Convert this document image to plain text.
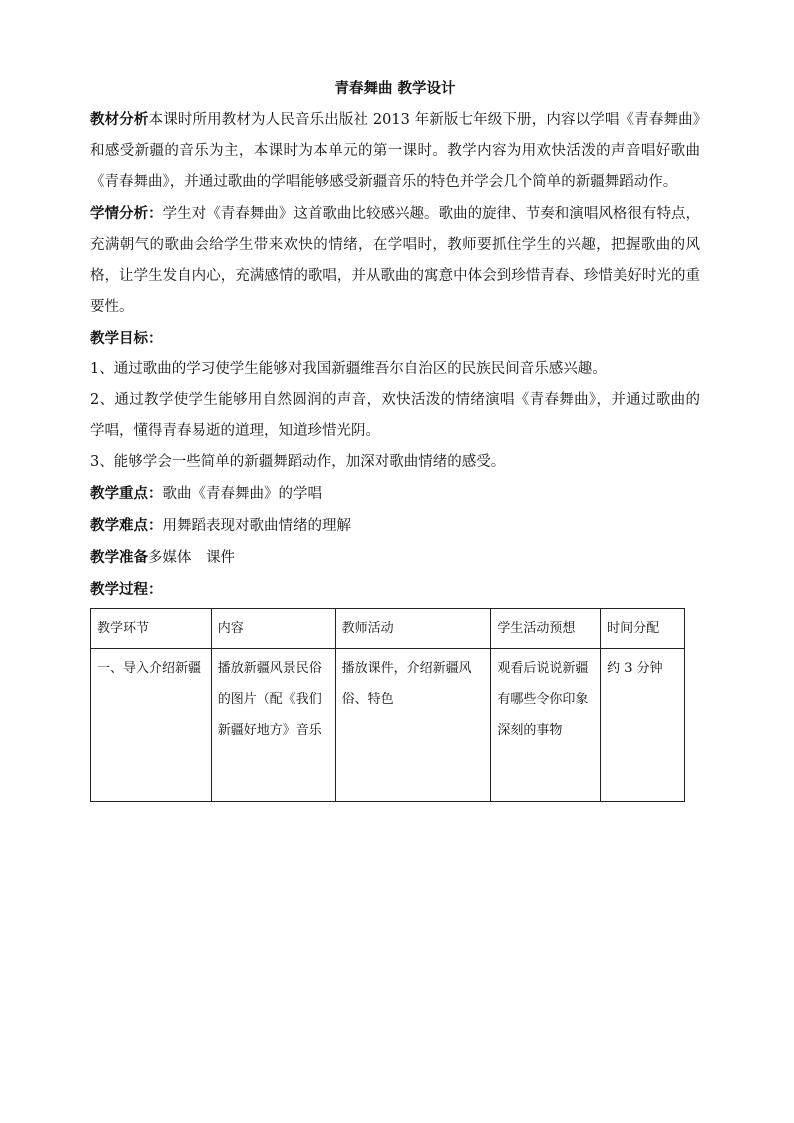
青春舞曲 教学设计

教材分析本课时所用教材为人民音乐出版社 2013 年新版七年级下册，内容以学唱《青春舞曲》和感受新疆的音乐为主，本课时为本单元的第一课时。教学内容为用欢快活泼的声音唱好歌曲《青春舞曲》，并通过歌曲的学唱能够感受新疆音乐的特色并学会几个简单的新疆舞蹈动作。

学情分析：学生对《青春舞曲》这首歌曲比较感兴趣。歌曲的旋律、节奏和演唱风格很有特点，充满朝气的歌曲会给学生带来欢快的情绪，在学唱时，教师要抓住学生的兴趣，把握歌曲的风格，让学生发自内心，充满感情的歌唱，并从歌曲的寓意中体会到珍惜青春、珍惜美好时光的重要性。

教学目标：

1、通过歌曲的学习使学生能够对我国新疆维吾尔自治区的民族民间音乐感兴趣。

2、通过教学使学生能够用自然圆润的声音，欢快活泼的情绪演唱《青春舞曲》，并通过歌曲的学唱，懂得青春易逝的道理，知道珍惜光阴。

3、能够学会一些简单的新疆舞蹈动作，加深对歌曲情绪的感受。

教学重点：歌曲《青春舞曲》的学唱

教学难点：用舞蹈表现对歌曲情绪的理解

教学准备多媒体　课件

教学过程：

教学环节	内容	教师活动	学生活动预想	时间分配
一、导入介绍新疆	播放新疆风景民俗的图片（配《我们新疆好地方》音乐	播放课件，介绍新疆风俗、特色	观看后说说新疆有哪些令你印象深刻的事物	约 3 分钟
